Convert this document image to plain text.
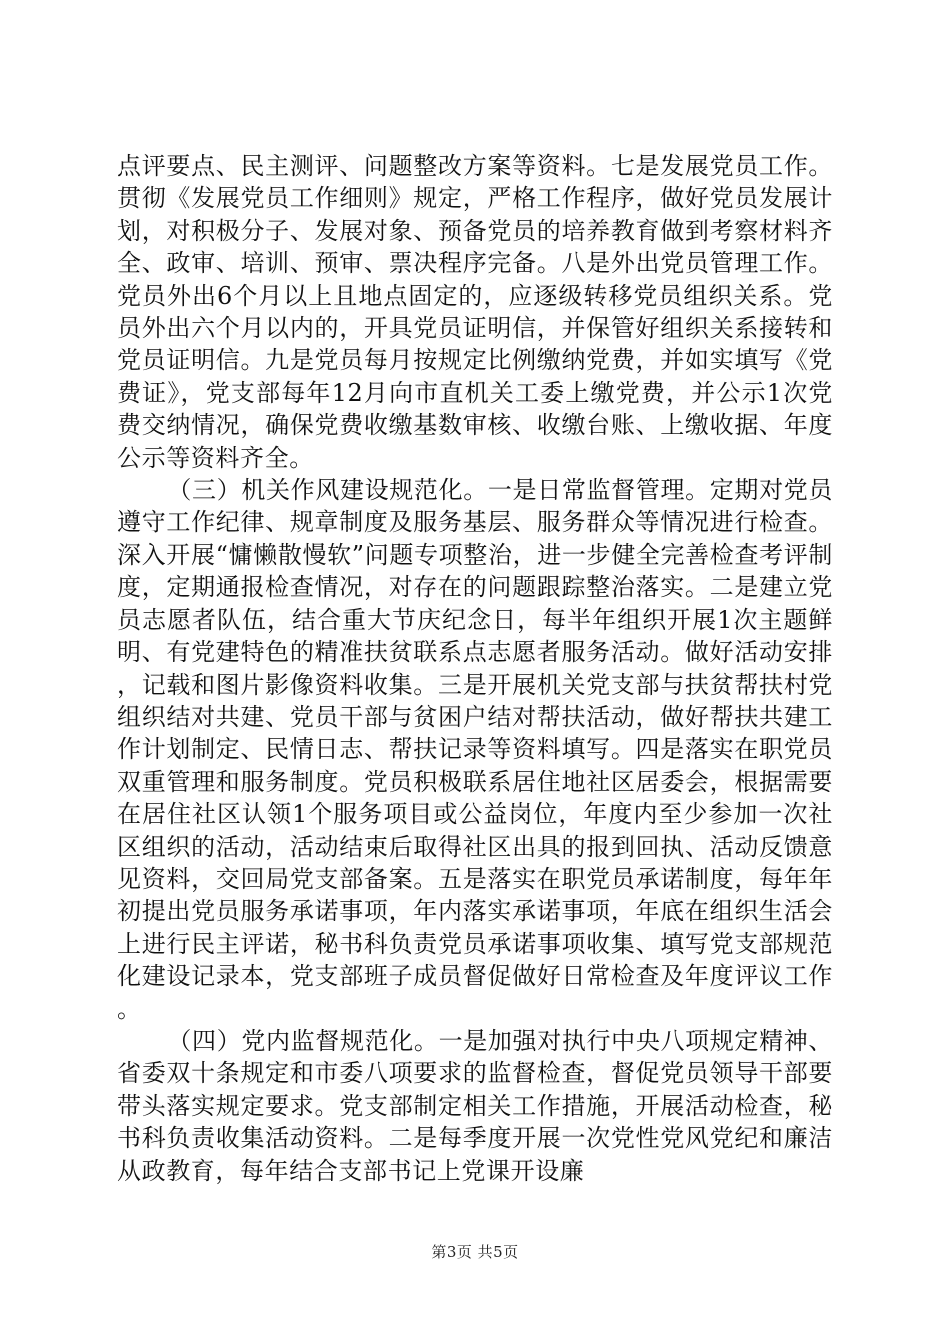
点评要点、民主测评、问题整改方案等资料。七是发展党员工作。贯彻《发展党员工作细则》规定，严格工作程序，做好党员发展计划，对积极分子、发展对象、预备党员的培养教育做到考察材料齐全、政审、培训、预审、票决程序完备。八是外出党员管理工作。党员外出6个月以上且地点固定的，应逐级转移党员组织关系。党员外出六个月以内的，开具党员证明信，并保管好组织关系接转和党员证明信。九是党员每月按规定比例缴纳党费，并如实填写《党费证》，党支部每年12月向市直机关工委上缴党费，并公示1次党费交纳情况，确保党费收缴基数审核、收缴台账、上缴收据、年度公示等资料齐全。

（三）机关作风建设规范化。一是日常监督管理。定期对党员遵守工作纪律、规章制度及服务基层、服务群众等情况进行检查。深入开展“慵懒散慢软”问题专项整治，进一步健全完善检查考评制度，定期通报检查情况，对存在的问题跟踪整治落实。二是建立党员志愿者队伍，结合重大节庆纪念日，每半年组织开展1次主题鲜明、有党建特色的精准扶贫联系点志愿者服务活动。做好活动安排，记载和图片影像资料收集。三是开展机关党支部与扶贫帮扶村党组织结对共建、党员干部与贫困户结对帮扶活动，做好帮扶共建工作计划制定、民情日志、帮扶记录等资料填写。四是落实在职党员双重管理和服务制度。党员积极联系居住地社区居委会，根据需要在居住社区认领1个服务项目或公益岗位，年度内至少参加一次社区组织的活动，活动结束后取得社区出具的报到回执、活动反馈意见资料，交回局党支部备案。五是落实在职党员承诺制度，每年年初提出党员服务承诺事项，年内落实承诺事项，年底在组织生活会上进行民主评诺，秘书科负责党员承诺事项收集、填写党支部规范化建设记录本，党支部班子成员督促做好日常检查及年度评议工作。

（四）党内监督规范化。一是加强对执行中央八项规定精神、省委双十条规定和市委八项要求的监督检查，督促党员领导干部要带头落实规定要求。党支部制定相关工作措施，开展活动检查，秘书科负责收集活动资料。二是每季度开展一次党性党风党纪和廉洁从政教育，每年结合支部书记上党课开设廉

第3页 共5页
